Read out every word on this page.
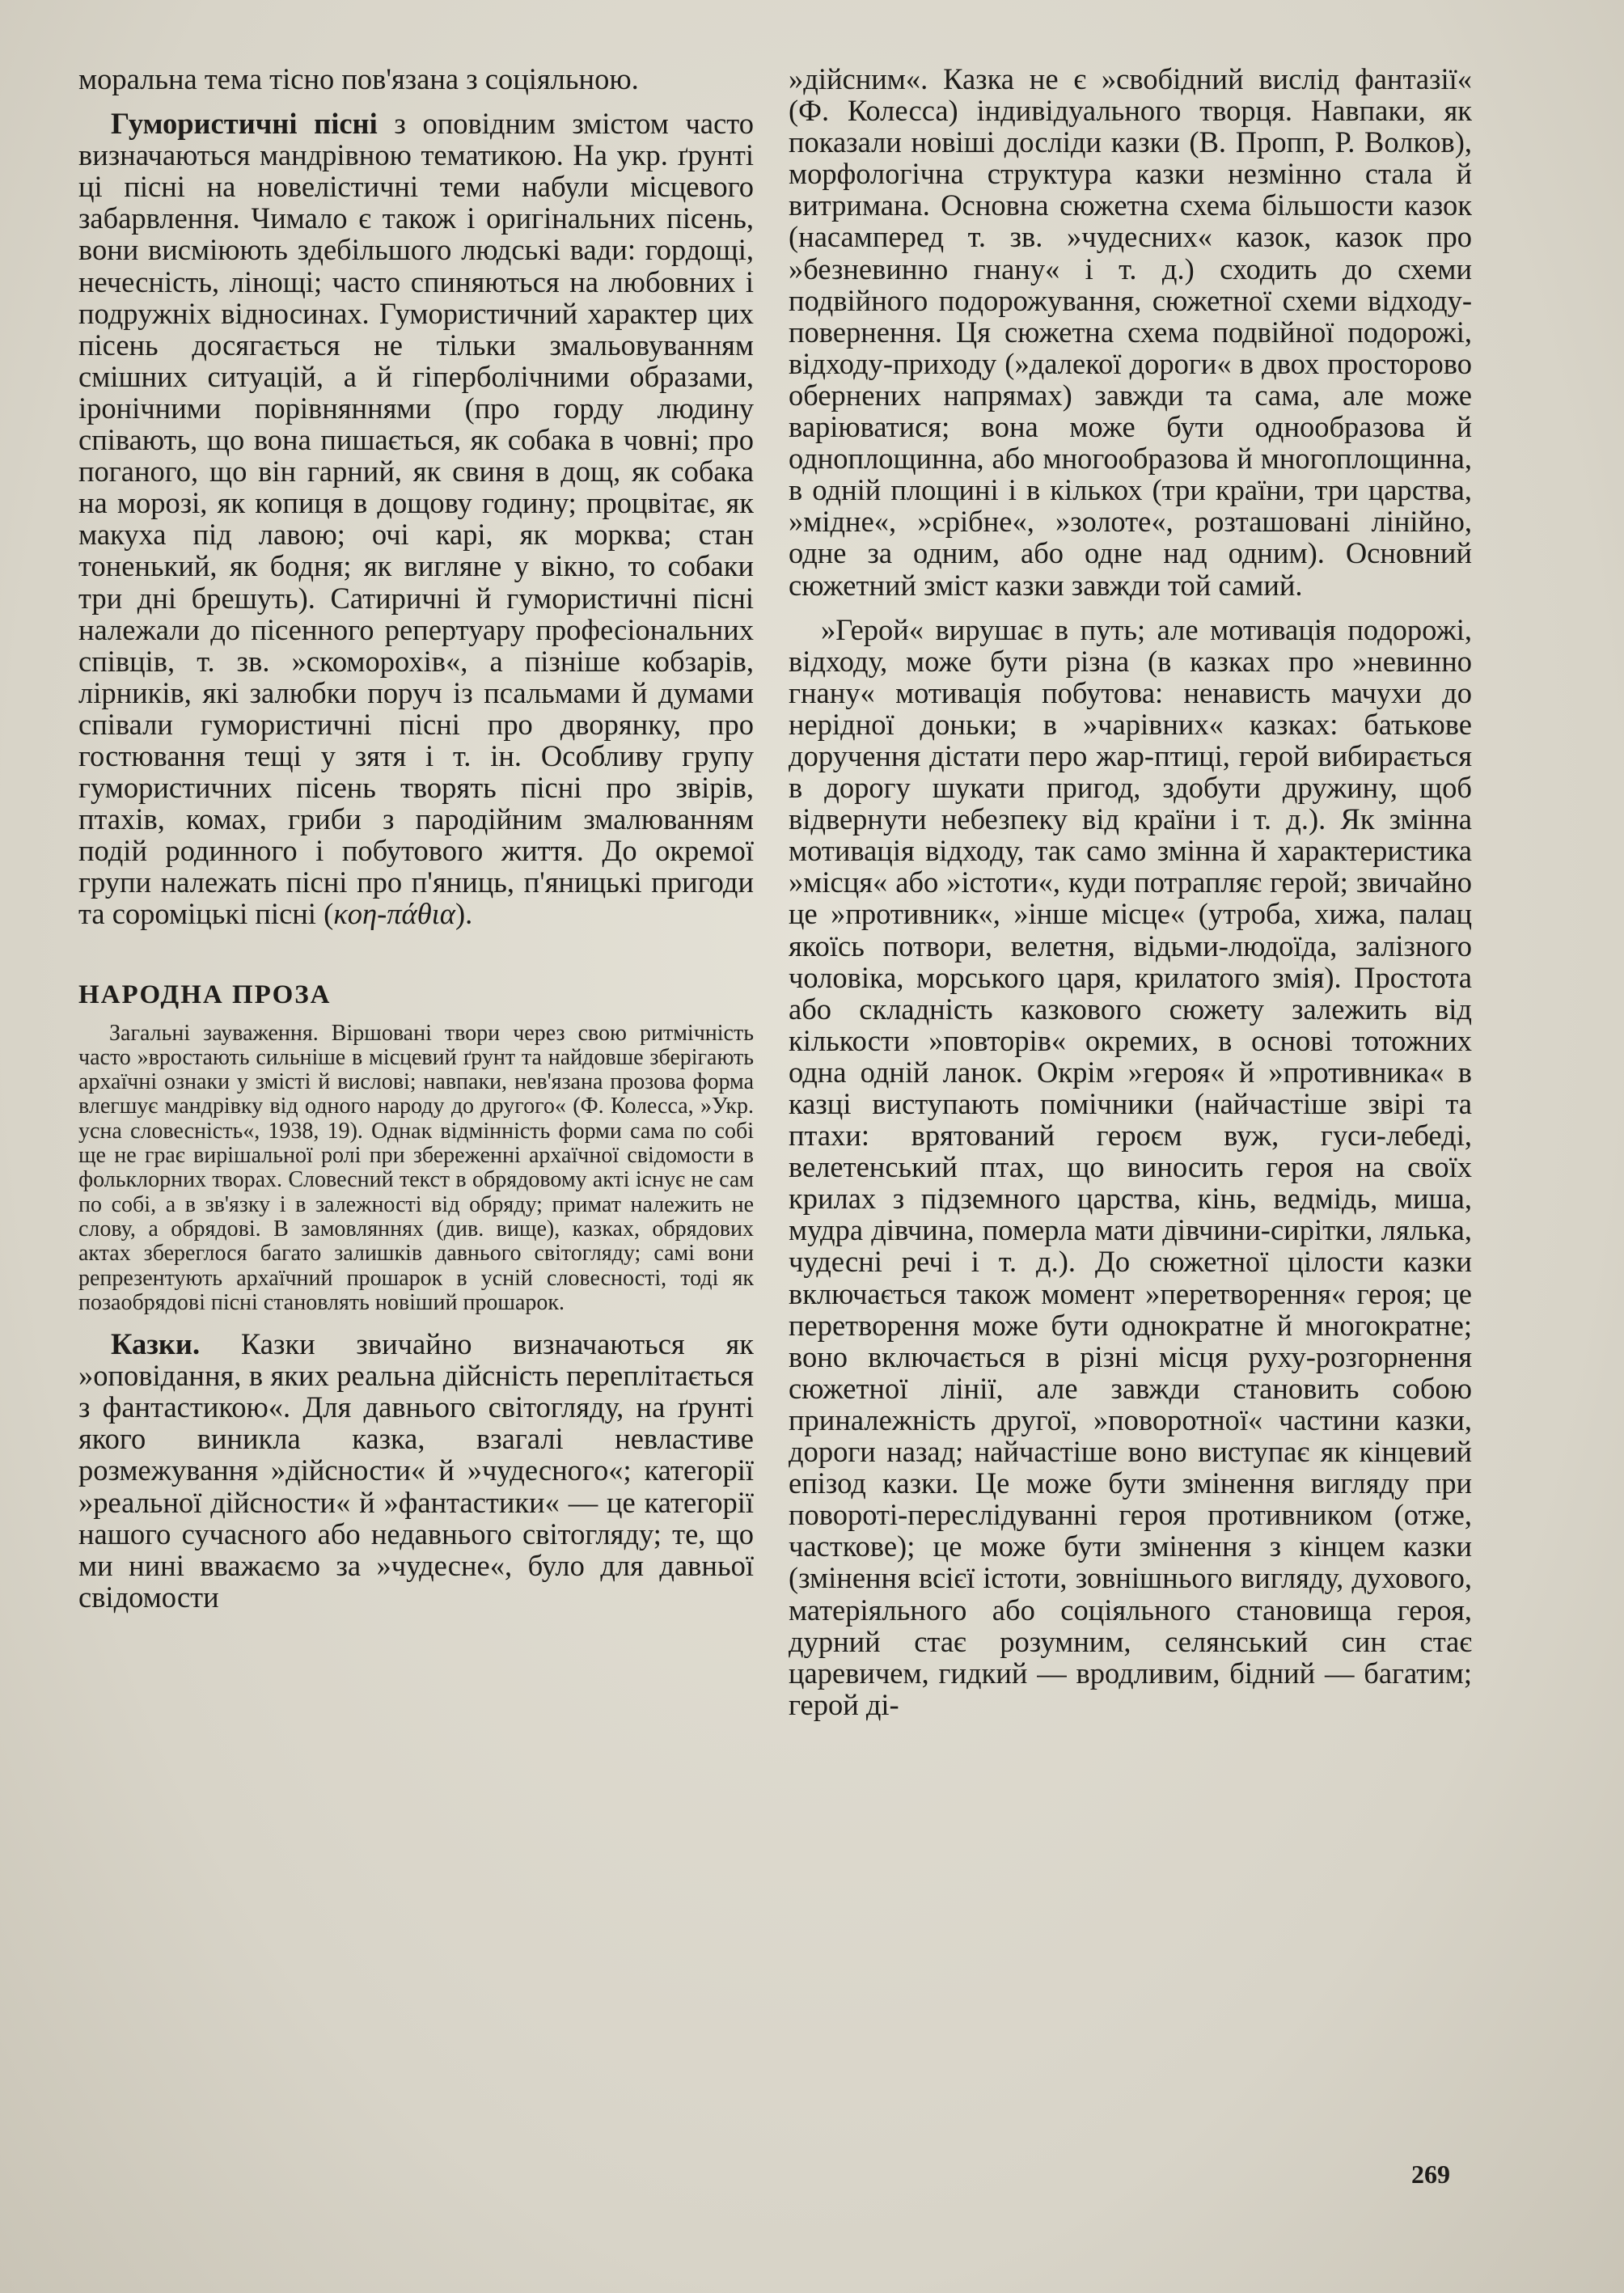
моральна тема тісно пов'язана з соціяльною.

Гумористичні пісні з оповідним змістом часто визначаються мандрівною тематикою. На укр. ґрунті ці пісні на новелістичні теми набули місцевого забарвлення. Чимало є також і оригінальних пісень, вони висміюють здебільшого людські вади: гордощі, нечесність, лінощі; часто спиняються на любовних і подружніх відносинах. Гумористичний характер цих пісень досягається не тільки змальовуванням смішних ситуацій, а й гіперболічними образами, іронічними порівняннями (про горду людину співають, що вона пишається, як собака в човні; про поганого, що він гарний, як свиня в дощ, як собака на морозі, як копиця в дощову годину; процвітає, як макуха під лавою; очі карі, як морква; стан тоненький, як бодня; як вигляне у вікно, то собаки три дні брешуть). Сатиричні й гумористичні пісні належали до пісенного репертуару професіональних співців, т. зв. »скоморохів«, а пізніше кобзарів, лірників, які залюбки поруч із псальмами й думами співали гумористичні пісні про дворянку, про гостювання тещі у зятя і т. ін. Особливу групу гумористичних пісень творять пісні про звірів, птахів, комах, гриби з пародійним змалюванням подій родинного і побутового життя. До окремої групи належать пісні про п'яниць, п'яницькі пригоди та сороміцькі пісні (κοη-πάθια).

НАРОДНА ПРОЗА

Загальні зауваження. Віршовані твори через свою ритмічність часто »вростають сильніше в місцевий ґрунт та найдовше зберігають архаїчні ознаки у змісті й вислові; навпаки, нев'язана прозова форма влегшує мандрівку від одного народу до другого« (Ф. Колесса, »Укр. усна словесність«, 1938, 19). Однак відмінність форми сама по собі ще не грає вирішальної ролі при збереженні архаїчної свідомости в фольклорних творах. Словесний текст в обрядовому акті існує не сам по собі, а в зв'язку і в залежності від обряду; примат належить не слову, а обрядові. В замовляннях (див. вище), казках, обрядових актах збереглося багато залишків давнього світогляду; самі вони репрезентують архаїчний прошарок в усній словесності, тоді як позаобрядові пісні становлять новіший прошарок.

Казки. Казки звичайно визначаються як »оповідання, в яких реальна дійсність переплітається з фантастикою«. Для давнього світогляду, на ґрунті якого виникла казка, взагалі невластиве розмежування »дійсности« й »чудесного«; категорії »реальної дійсности« й »фантастики« — це категорії нашого сучасного або недавнього світогляду; те, що ми нині вважаємо за »чудесне«, було для давньої свідомости

»дійсним«. Казка не є »свобідний вислід фантазії« (Ф. Колесса) індивідуального творця. Навпаки, як показали новіші досліди казки (В. Пропп, Р. Волков), морфологічна структура казки незмінно стала й витримана. Основна сюжетна схема більшости казок (насамперед т. зв. »чудесних« казок, казок про »безневинно гнану« і т. д.) сходить до схеми подвійного подорожування, сюжетної схеми відходу-повернення. Ця сюжетна схема подвійної подорожі, відходу-приходу (»далекої дороги« в двох просторово обернених напрямах) завжди та сама, але може варіюватися; вона може бути однообразова й одноплощинна, або многообразова й многоплощинна, в одній площині і в кількох (три країни, три царства, »мідне«, »срібне«, »золоте«, розташовані лінійно, одне за одним, або одне над одним). Основний сюжетний зміст казки завжди той самий.

»Герой« вирушає в путь; але мотивація подорожі, відходу, може бути різна (в казках про »невинно гнану« мотивація побутова: ненависть мачухи до нерідної доньки; в »чарівних« казках: батькове доручення дістати перо жар-птиці, герой вибирається в дорогу шукати пригод, здобути дружину, щоб відвернути небезпеку від країни і т. д.). Як змінна мотивація відходу, так само змінна й характеристика »місця« або »істоти«, куди потрапляє герой; звичайно це »противник«, »інше місце« (утроба, хижа, палац якоїсь потвори, велетня, відьми-людоїда, залізного чоловіка, морського царя, крилатого змія). Простота або складність казкового сюжету залежить від кількости »повторів« окремих, в основі тотожних одна одній ланок. Окрім »героя« й »противника« в казці виступають помічники (найчастіше звірі та птахи: врятований героєм вуж, гуси-лебеді, велетенський птах, що виносить героя на своїх крилах з підземного царства, кінь, ведмідь, миша, мудра дівчина, померла мати дівчини-сирітки, лялька, чудесні речі і т. д.). До сюжетної цілости казки включається також момент »перетворення« героя; це перетворення може бути однократне й многократне; воно включається в різні місця руху-розгорнення сюжетної лінії, але завжди становить собою приналежність другої, »поворотної« частини казки, дороги назад; найчастіше воно виступає як кінцевий епізод казки. Це може бути змінення вигляду при повороті-переслідуванні героя противником (отже, часткове); це може бути змінення з кінцем казки (змінення всієї істоти, зовнішнього вигляду, духового, матеріяльного або соціяльного становища героя, дурний стає розумним, селянський син стає царевичем, гидкий — вродливим, бідний — багатим; герой ді-

269
